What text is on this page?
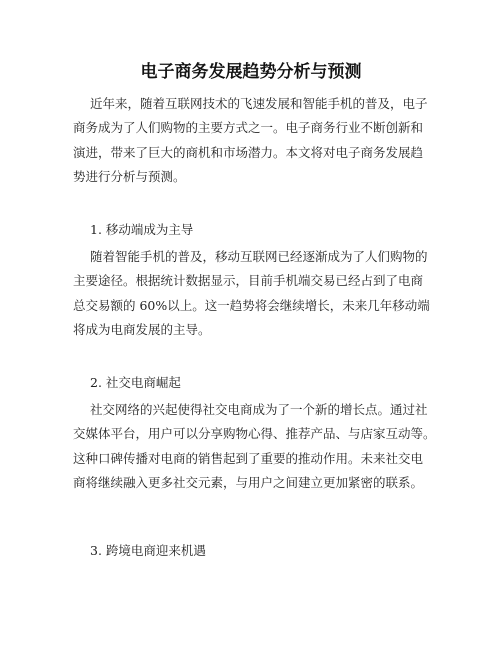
电子商务发展趋势分析与预测
近年来，随着互联网技术的飞速发展和智能手机的普及，电子
商务成为了人们购物的主要方式之一。电子商务行业不断创新和
演进，带来了巨大的商机和市场潜力。本文将对电子商务发展趋
势进行分析与预测。
1. 移动端成为主导
随着智能手机的普及，移动互联网已经逐渐成为了人们购物的
主要途径。根据统计数据显示，目前手机端交易已经占到了电商
总交易额的 60%以上。这一趋势将会继续增长，未来几年移动端
将成为电商发展的主导。
2. 社交电商崛起
社交网络的兴起使得社交电商成为了一个新的增长点。通过社
交媒体平台，用户可以分享购物心得、推荐产品、与店家互动等。
这种口碑传播对电商的销售起到了重要的推动作用。未来社交电
商将继续融入更多社交元素，与用户之间建立更加紧密的联系。
3. 跨境电商迎来机遇
